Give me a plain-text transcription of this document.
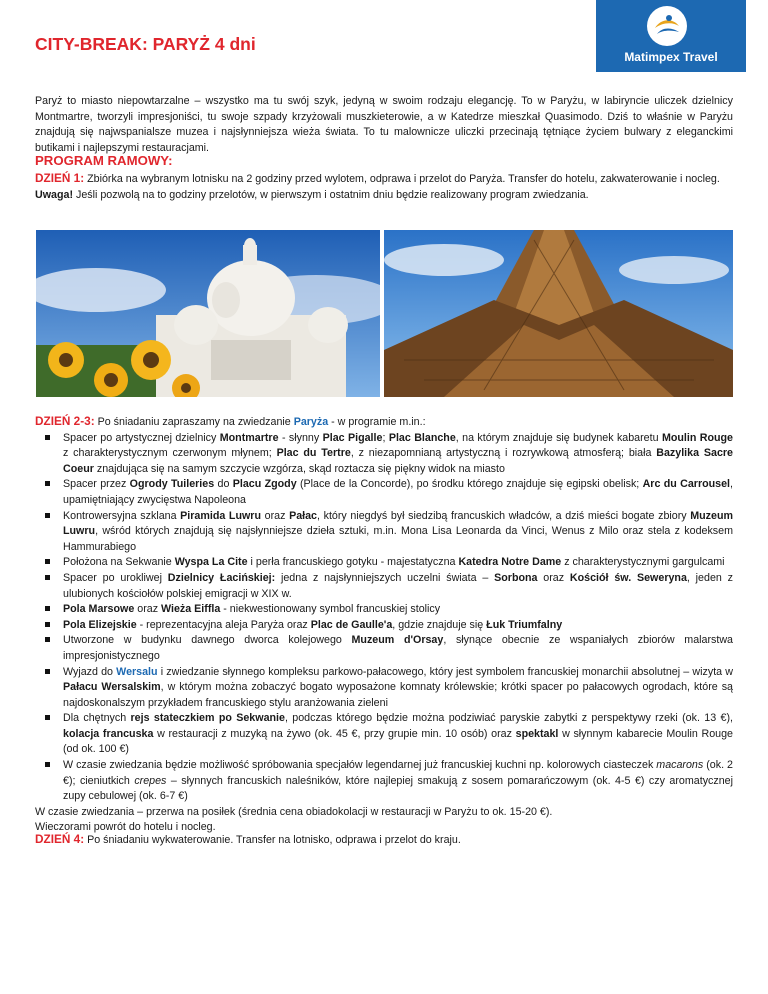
CITY-BREAK: PARYŻ 4 dni
Matimpex Travel
Paryż to miasto niepowtarzalne – wszystko ma tu swój szyk, jedyną w swoim rodzaju elegancję. To w Paryżu, w labiryncie uliczek dzielnicy Montmartre, tworzyli impresjoniści, tu swoje szpady krzyżowali muszkieterowie, a w Katedrze mieszkał Quasimodo. Dziś to właśnie w Paryżu znajdują się najwspanialsze muzea i najsłynniejsza wieża świata. To tu malownicze uliczki przecinają tętniące życiem bulwary z eleganckimi butikami i najlepszymi restauracjami.
PROGRAM RAMOWY:
DZIEŃ 1: Zbiórka na wybranym lotnisku na 2 godziny przed wylotem, odprawa i przelot do Paryża. Transfer do hotelu, zakwaterowanie i nocleg.
Uwaga! Jeśli pozwolą na to godziny przelotów, w pierwszym i ostatnim dniu będzie realizowany program zwiedzania.
DZIEŃ 2-3: Po śniadaniu zapraszamy na zwiedzanie Paryża - w programie m.in.:
Spacer po artystycznej dzielnicy Montmartre - słynny Plac Pigalle; Plac Blanche, na którym znajduje się budynek kabaretu Moulin Rouge z charakterystycznym czerwonym młynem; Plac du Tertre, z niezapomnianą artystyczną i rozrywkową atmosferą; biała Bazylika Sacre Coeur znajdująca się na samym szczycie wzgórza, skąd roztacza się piękny widok na miasto
Spacer przez Ogrody Tuileries do Placu Zgody (Place de la Concorde), po środku którego znajduje się egipski obelisk; Arc du Carrousel, upamiętniający zwycięstwa Napoleona
Kontrowersyjna szklana Piramida Luwru oraz Pałac, który niegdyś był siedzibą francuskich władców, a dziś mieści bogate zbiory Muzeum Luwru, wśród których znajdują się najsłynniejsze dzieła sztuki, m.in. Mona Lisa Leonarda da Vinci, Wenus z Milo oraz stela z kodeksem Hammurabiego
Położona na Sekwanie Wyspa La Cite i perła francuskiego gotyku - majestatyczna Katedra Notre Dame z charakterystycznymi gargulcami
Spacer po urokliwej Dzielnicy Łacińskiej: jedna z najsłynniejszych uczelni świata – Sorbona oraz Kościół św. Seweryna, jeden z ulubionych kościołów polskiej emigracji w XIX w.
Pola Marsowe oraz Wieża Eiffla - niekwestionowany symbol francuskiej stolicy
Pola Elizejskie - reprezentacyjna aleja Paryża oraz Plac de Gaulle'a, gdzie znajduje się Łuk Triumfalny
Utworzone w budynku dawnego dworca kolejowego Muzeum d'Orsay, słynące obecnie ze wspaniałych zbiorów malarstwa impresjonistycznego
Wyjazd do Wersalu i zwiedzanie słynnego kompleksu parkowo-pałacowego, który jest symbolem francuskiej monarchii absolutnej – wizyta w Pałacu Wersalskim, w którym można zobaczyć bogato wyposażone komnaty królewskie; krótki spacer po pałacowych ogrodach, które są najdoskonalszym przykładem francuskiego stylu aranżowania zieleni
Dla chętnych rejs stateczkiem po Sekwanie, podczas którego będzie można podziwiać paryskie zabytki z perspektywy rzeki (ok. 13 €), kolacja francuska w restauracji z muzyką na żywo (ok. 45 €, przy grupie min. 10 osób) oraz spektakl w słynnym kabarecie Moulin Rouge (od ok. 100 €)
W czasie zwiedzania będzie możliwość spróbowania specjałów legendarnej już francuskiej kuchni np. kolorowych ciasteczek macarons (ok. 2 €); cieniutkich crepes – słynnych francuskich naleśników, które najlepiej smakują z sosem pomarańczowym (ok. 4-5 €) czy aromatycznej zupy cebulowej (ok. 6-7 €)
W czasie zwiedzania – przerwa na posiłek (średnia cena obiadokolacji w restauracji w Paryżu to ok. 15-20 €).
Wieczorami powrót do hotelu i nocleg.
DZIEŃ 4: Po śniadaniu wykwaterowanie. Transfer na lotnisko, odprawa i przelot do kraju.
